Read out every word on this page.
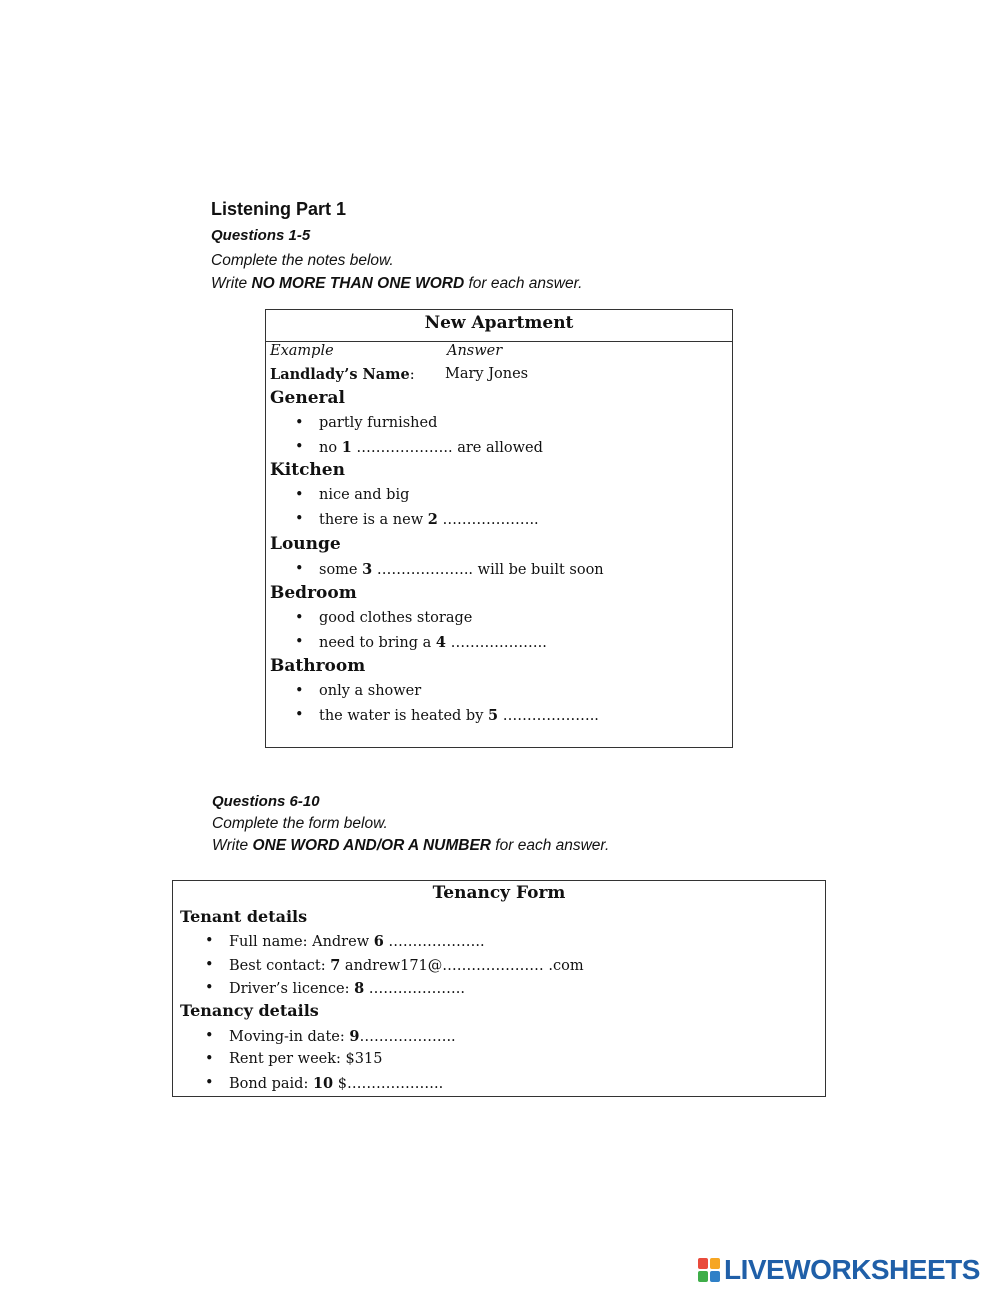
Listening Part 1
Questions 1-5
Complete the notes below.
Write NO MORE THAN ONE WORD for each answer.
New Apartment
Example	Answer
Landlady’s Name: Mary Jones
General
• partly furnished
• no 1 ……………….. are allowed
Kitchen
• nice and big
• there is a new 2 ………………..
Lounge
• some 3 ……………….. will be built soon
Bedroom
• good clothes storage
• need to bring a 4 ………………..
Bathroom
• only a shower
• the water is heated by 5 ………………..
Questions 6-10
Complete the form below.
Write ONE WORD AND/OR A NUMBER for each answer.
Tenancy Form
Tenant details
• Full name: Andrew 6 ………………..
• Best contact: 7 andrew171@………………… .com
• Driver’s licence: 8 ………………..
Tenancy details
• Moving-in date: 9………………..
• Rent per week: $315
• Bond paid: 10 $………………..
LIVEWORKSHEETS
